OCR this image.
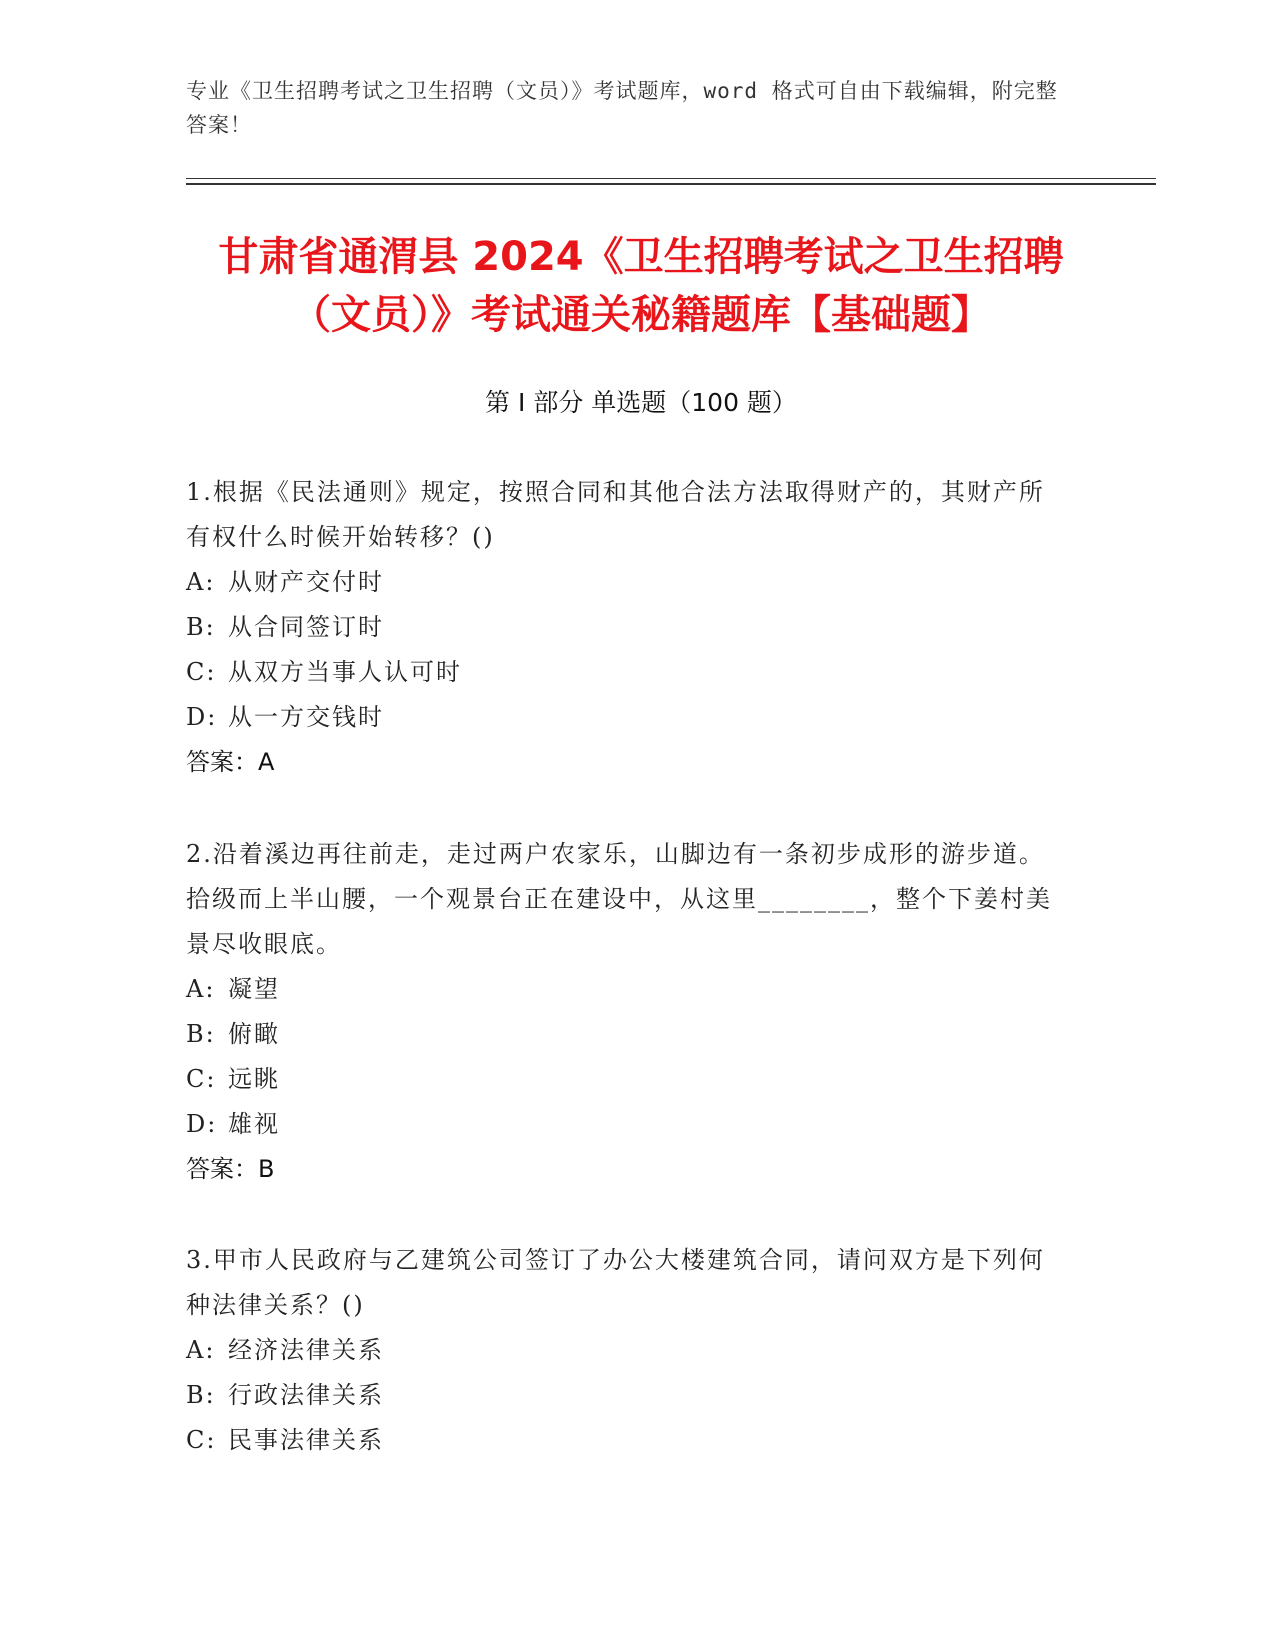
专业《卫生招聘考试之卫生招聘（文员）》考试题库，word 格式可自由下载编辑，附完整答案！
甘肃省通渭县 2024《卫生招聘考试之卫生招聘（文员）》考试通关秘籍题库【基础题】
第 I 部分 单选题（100 题）

1.根据《民法通则》规定，按照合同和其他合法方法取得财产的，其财产所有权什么时候开始转移？()

A: 从财产交付时

B: 从合同签订时

C: 从双方当事人认可时

D: 从一方交钱时

答案：A

2.沿着溪边再往前走，走过两户农家乐，山脚边有一条初步成形的游步道。拾级而上半山腰，一个观景台正在建设中，从这里________，整个下姜村美景尽收眼底。

A: 凝望

B: 俯瞰

C: 远眺

D: 雄视

答案：B

3.甲市人民政府与乙建筑公司签订了办公大楼建筑合同，请问双方是下列何种法律关系？()

A: 经济法律关系

B: 行政法律关系

C: 民事法律关系
